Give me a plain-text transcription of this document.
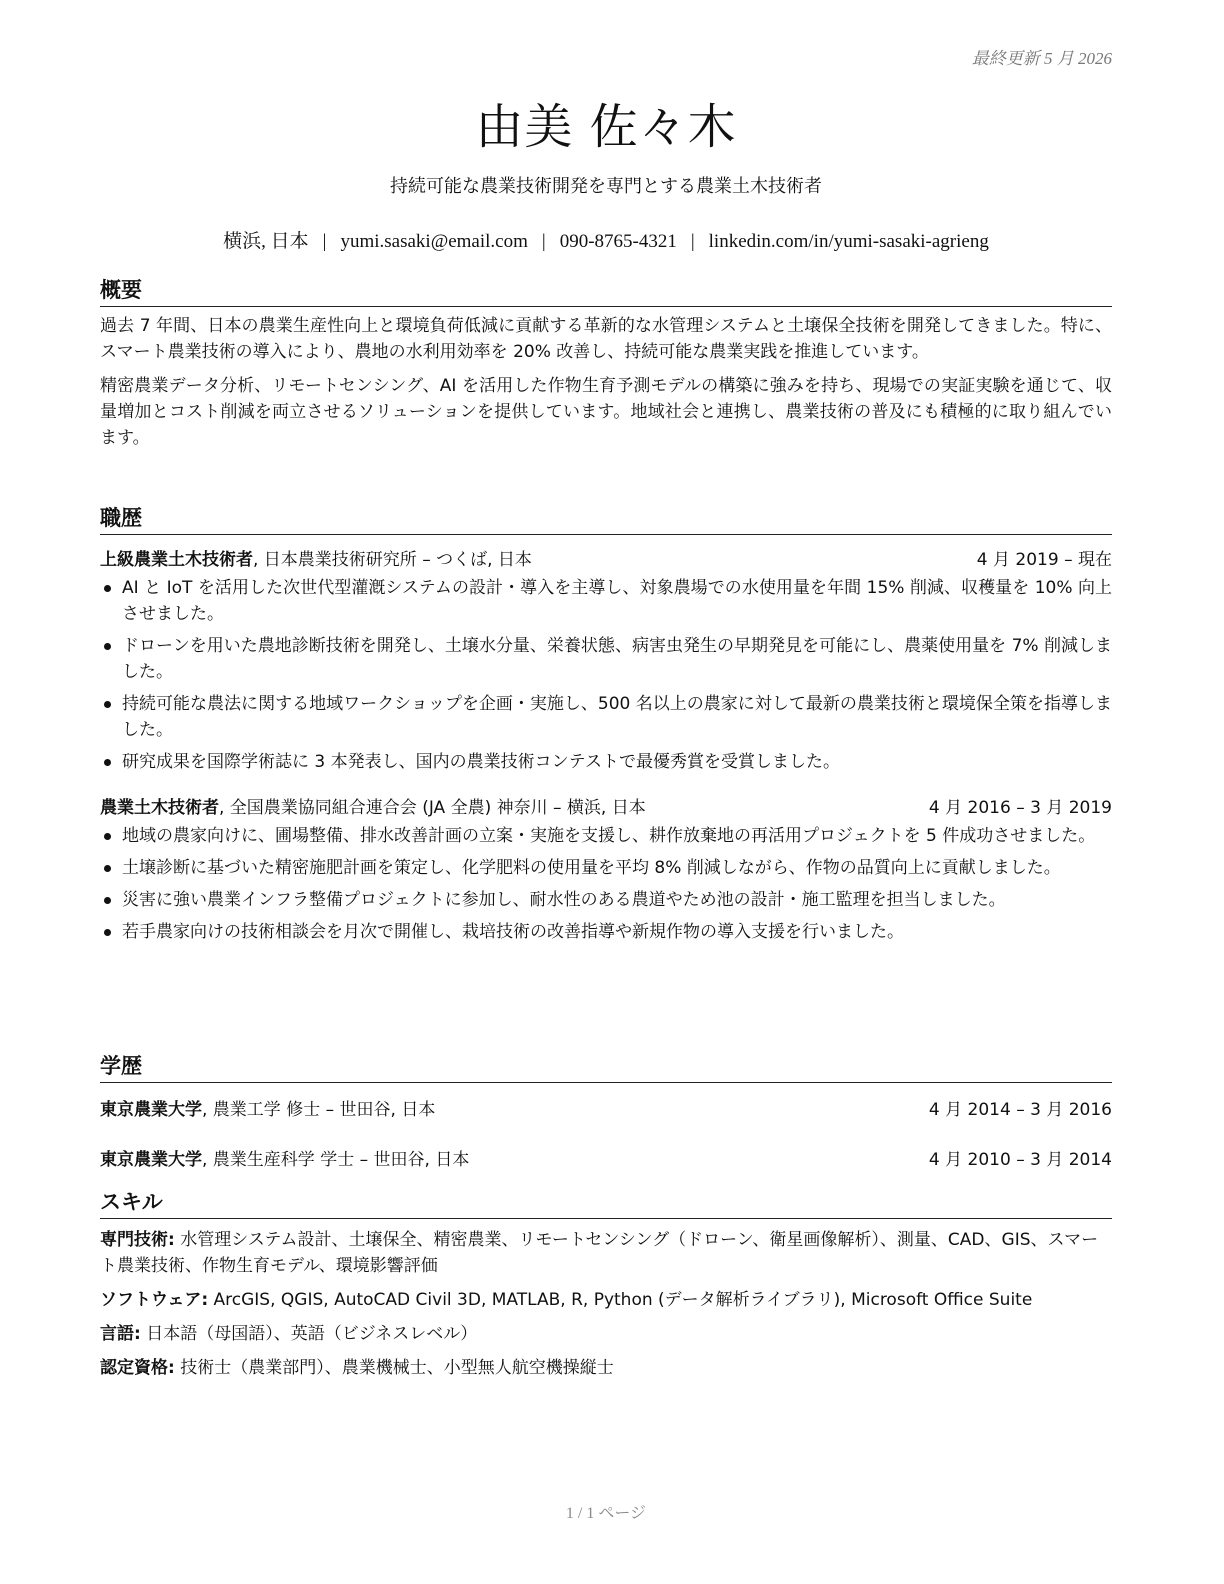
最終更新 5 月 2026
由美 佐々木
持続可能な農業技術開発を専門とする農業土木技術者
横浜, 日本 | yumi.sasaki@email.com | 090-8765-4321 | linkedin.com/in/yumi-sasaki-agrieng
概要

過去 7 年間、日本の農業生産性向上と環境負荷低減に貢献する革新的な水管理システムと土壌保全技術を開発してきました。特に、スマート農業技術の導入により、農地の水利用効率を 20% 改善し、持続可能な農業実践を推進しています。

精密農業データ分析、リモートセンシング、AI を活用した作物生育予測モデルの構築に強みを持ち、現場での実証実験を通じて、収量増加とコスト削減を両立させるソリューションを提供しています。地域社会と連携し、農業技術の普及にも積極的に取り組んでいます。

職歴
上級農業土木技術者, 日本農業技術研究所 – つくば, 日本	4 月 2019 – 現在
AI と IoT を活用した次世代型灌漑システムの設計・導入を主導し、対象農場での水使用量を年間 15% 削減、収穫量を 10% 向上させました。
ドローンを用いた農地診断技術を開発し、土壌水分量、栄養状態、病害虫発生の早期発見を可能にし、農薬使用量を 7% 削減しました。
持続可能な農法に関する地域ワークショップを企画・実施し、500 名以上の農家に対して最新の農業技術と環境保全策を指導しました。
研究成果を国際学術誌に 3 本発表し、国内の農業技術コンテストで最優秀賞を受賞しました。
農業土木技術者, 全国農業協同組合連合会 (JA 全農) 神奈川 – 横浜, 日本	4 月 2016 – 3 月 2019
地域の農家向けに、圃場整備、排水改善計画の立案・実施を支援し、耕作放棄地の再活用プロジェクトを 5 件成功させました。
土壌診断に基づいた精密施肥計画を策定し、化学肥料の使用量を平均 8% 削減しながら、作物の品質向上に貢献しました。
災害に強い農業インフラ整備プロジェクトに参加し、耐水性のある農道やため池の設計・施工監理を担当しました。
若手農家向けの技術相談会を月次で開催し、栽培技術の改善指導や新規作物の導入支援を行いました。
学歴
東京農業大学, 農業工学 修士 – 世田谷, 日本	4 月 2014 – 3 月 2016
東京農業大学, 農業生産科学 学士 – 世田谷, 日本	4 月 2010 – 3 月 2014
スキル
専門技術: 水管理システム設計、土壌保全、精密農業、リモートセンシング（ドローン、衛星画像解析）、測量、CAD、GIS、スマート農業技術、作物生育モデル、環境影響評価
ソフトウェア: ArcGIS, QGIS, AutoCAD Civil 3D, MATLAB, R, Python (データ解析ライブラリ), Microsoft Office Suite
言語: 日本語（母国語）、英語（ビジネスレベル）
認定資格: 技術士（農業部門）、農業機械士、小型無人航空機操縦士
1 / 1 ページ
